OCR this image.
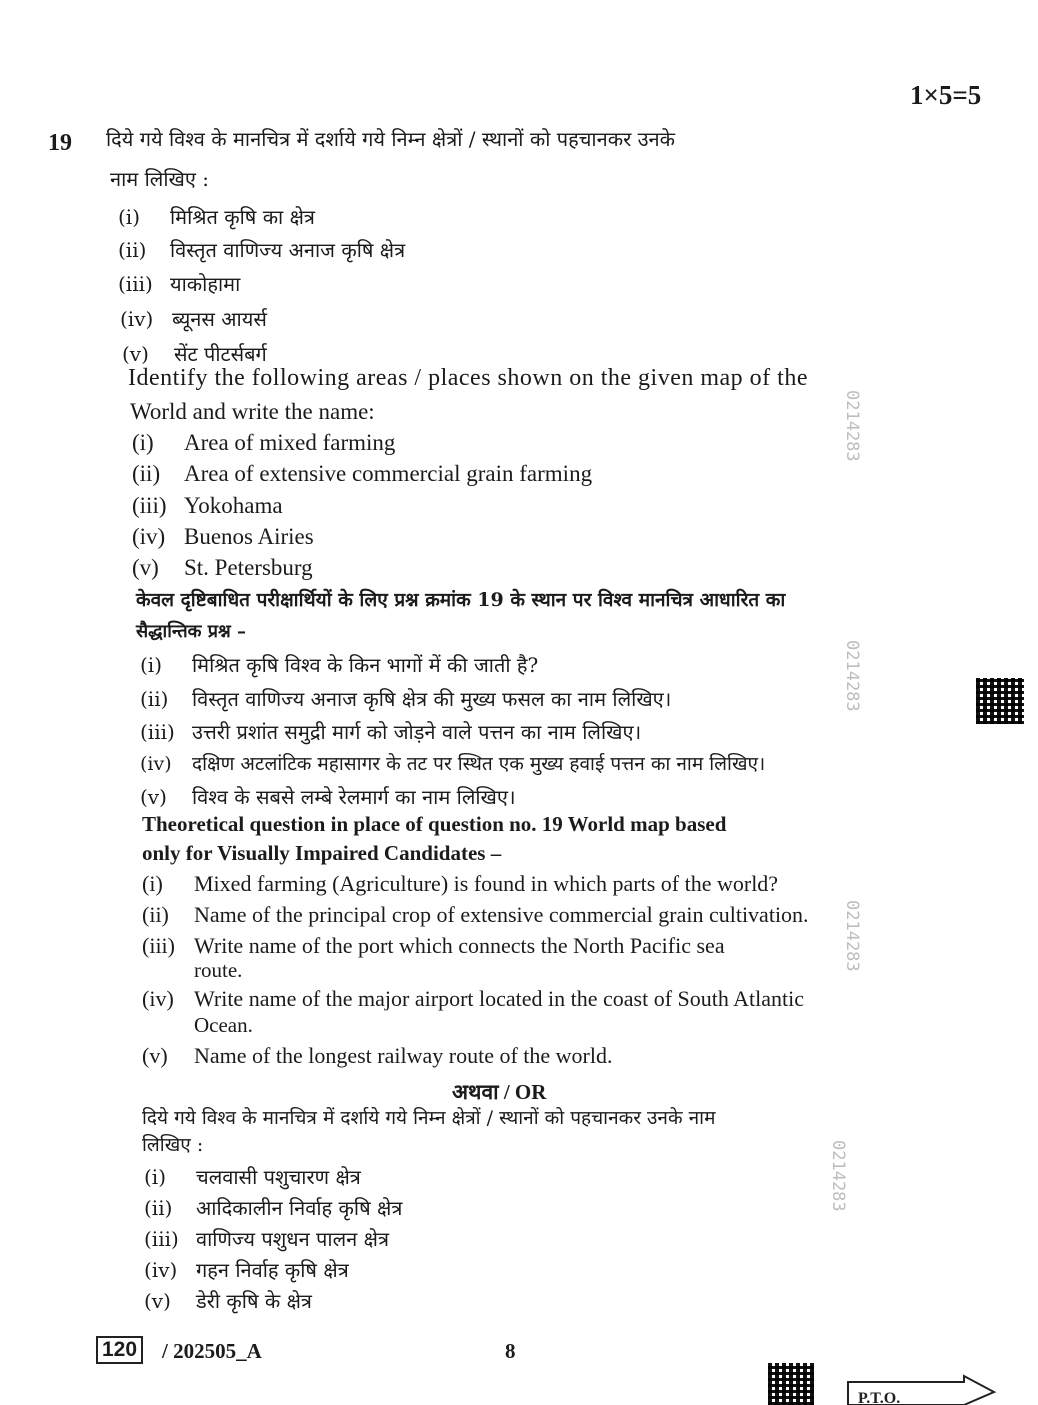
1×5=5
19 दिये गये विश्व के मानचित्र में दर्शाये गये निम्न क्षेत्रों / स्थानों को पहचानकर उनके
नाम लिखिए :
(i) मिश्रित कृषि का क्षेत्र
(ii) विस्तृत वाणिज्य अनाज कृषि क्षेत्र
(iii) याकोहामा
(iv) ब्यूनस आयर्स
(v) सेंट पीटर्सबर्ग
Identify the following areas / places shown on the given map of the
World and write the name:
(i) Area of mixed farming
(ii) Area of extensive commercial grain farming
(iii) Yokohama
(iv) Buenos Airies
(v) St. Petersburg
केवल दृष्टिबाधित परीक्षार्थियों के लिए प्रश्न क्रमांक 19 के स्थान पर विश्व मानचित्र आधारित का
सैद्धान्तिक प्रश्न –
(i) मिश्रित कृषि विश्व के किन भागों में की जाती है?
(ii) विस्तृत वाणिज्य अनाज कृषि क्षेत्र की मुख्य फसल का नाम लिखिए।
(iii) उत्तरी प्रशांत समुद्री मार्ग को जोड़ने वाले पत्तन का नाम लिखिए।
(iv) दक्षिण अटलांटिक महासागर के तट पर स्थित एक मुख्य हवाई पत्तन का नाम लिखिए।
(v) विश्व के सबसे लम्बे रेलमार्ग का नाम लिखिए।
Theoretical question in place of question no. 19 World map based
only for Visually Impaired Candidates –
(i) Mixed farming (Agriculture) is found in which parts of the world?
(ii) Name of the principal crop of extensive commercial grain cultivation.
(iii) Write name of the port which connects the North Pacific sea
route.
(iv) Write name of the major airport located in the coast of South Atlantic
Ocean.
(v) Name of the longest railway route of the world.
अथवा / OR
दिये गये विश्व के मानचित्र में दर्शाये गये निम्न क्षेत्रों / स्थानों को पहचानकर उनके नाम
लिखिए :
(i) चलवासी पशुचारण क्षेत्र
(ii) आदिकालीन निर्वाह कृषि क्षेत्र
(iii) वाणिज्य पशुधन पालन क्षेत्र
(iv) गहन निर्वाह कृषि क्षेत्र
(v) डेरी कृषि के क्षेत्र
021​4283
021428​3
0214283
0214283
120 / 202505_A	8
P.T.O.
